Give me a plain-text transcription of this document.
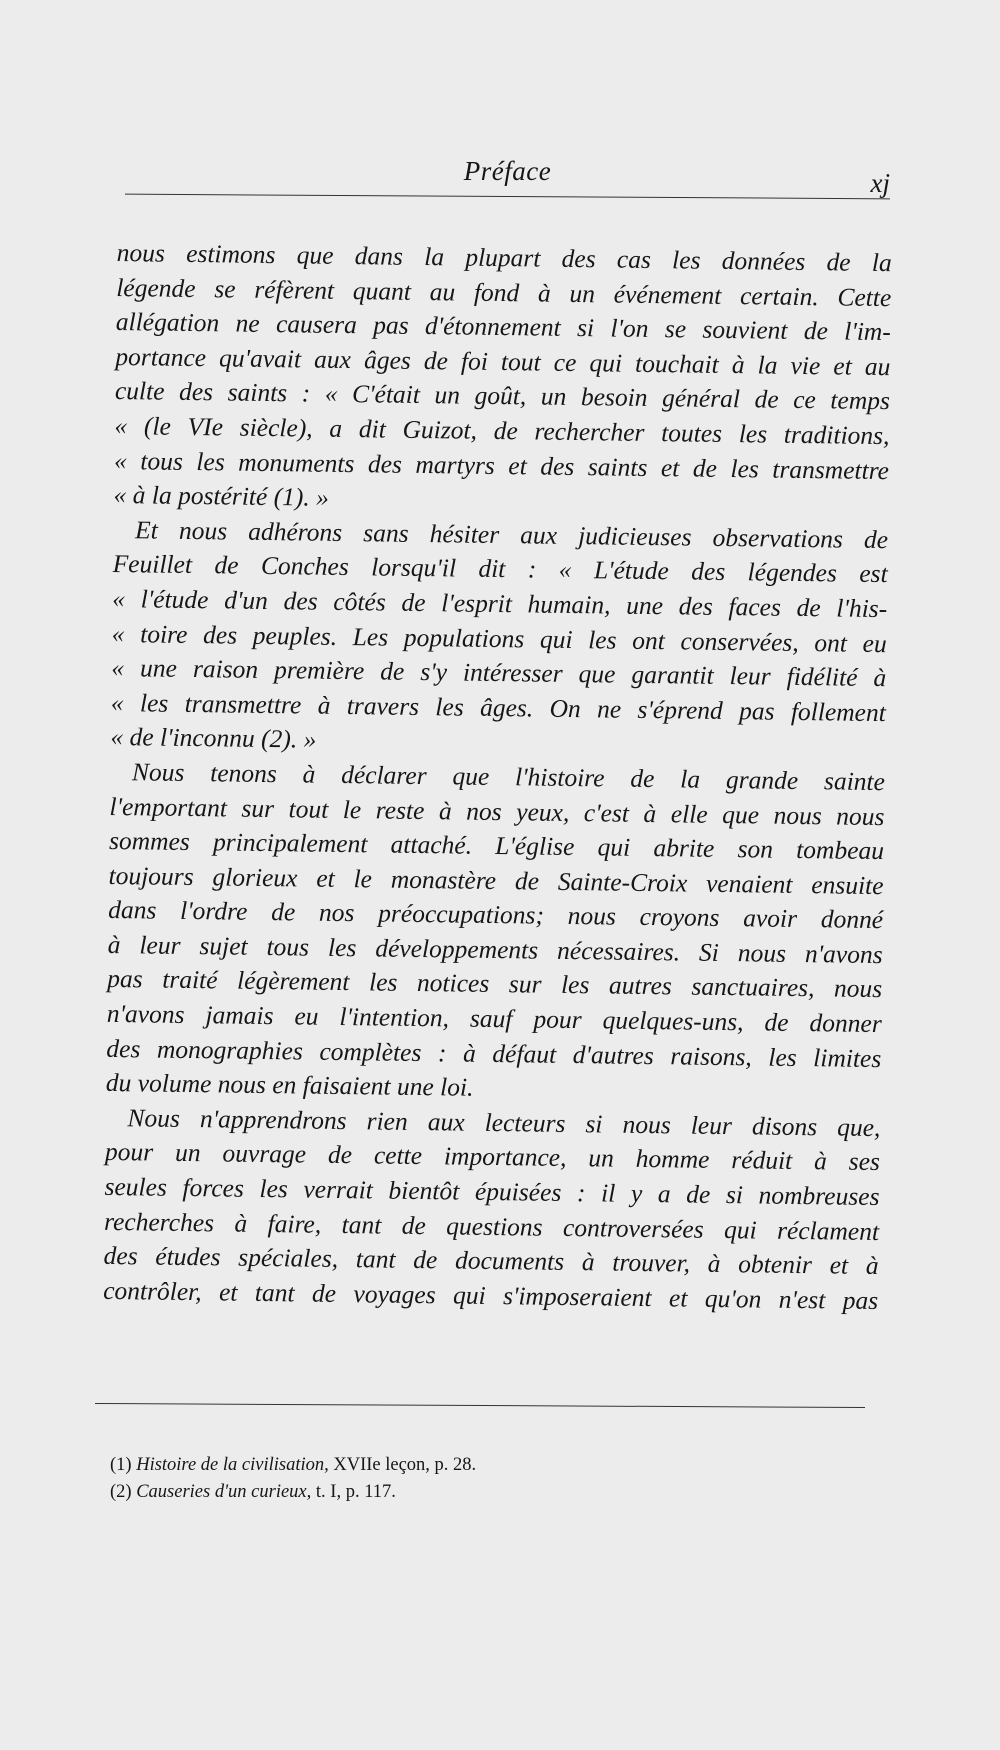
Préface	xj
nous estimons que dans la plupart des cas les données de la
légende se réfèrent quant au fond à un événement certain. Cette
allégation ne causera pas d'étonnement si l'on se souvient de l'im-
portance qu'avait aux âges de foi tout ce qui touchait à la vie et au
culte des saints : « C'était un goût, un besoin général de ce temps
« (le VIe siècle), a dit Guizot, de rechercher toutes les traditions,
« tous les monuments des martyrs et des saints et de les transmettre
« à la postérité (1). »
Et nous adhérons sans hésiter aux judicieuses observations de
Feuillet de Conches lorsqu'il dit : « L'étude des légendes est
« l'étude d'un des côtés de l'esprit humain, une des faces de l'his-
« toire des peuples. Les populations qui les ont conservées, ont eu
« une raison première de s'y intéresser que garantit leur fidélité à
« les transmettre à travers les âges. On ne s'éprend pas follement
« de l'inconnu (2). »
Nous tenons à déclarer que l'histoire de la grande sainte
l'emportant sur tout le reste à nos yeux, c'est à elle que nous nous
sommes principalement attaché. L'église qui abrite son tombeau
toujours glorieux et le monastère de Sainte-Croix venaient ensuite
dans l'ordre de nos préoccupations; nous croyons avoir donné
à leur sujet tous les développements nécessaires. Si nous n'avons
pas traité légèrement les notices sur les autres sanctuaires, nous
n'avons jamais eu l'intention, sauf pour quelques-uns, de donner
des monographies complètes : à défaut d'autres raisons, les limites
du volume nous en faisaient une loi.
Nous n'apprendrons rien aux lecteurs si nous leur disons que,
pour un ouvrage de cette importance, un homme réduit à ses
seules forces les verrait bientôt épuisées : il y a de si nombreuses
recherches à faire, tant de questions controversées qui réclament
des études spéciales, tant de documents à trouver, à obtenir et à
contrôler, et tant de voyages qui s'imposeraient et qu'on n'est pas
(1) Histoire de la civilisation, XVIIe leçon, p. 28.
(2) Causeries d'un curieux, t. I, p. 117.
